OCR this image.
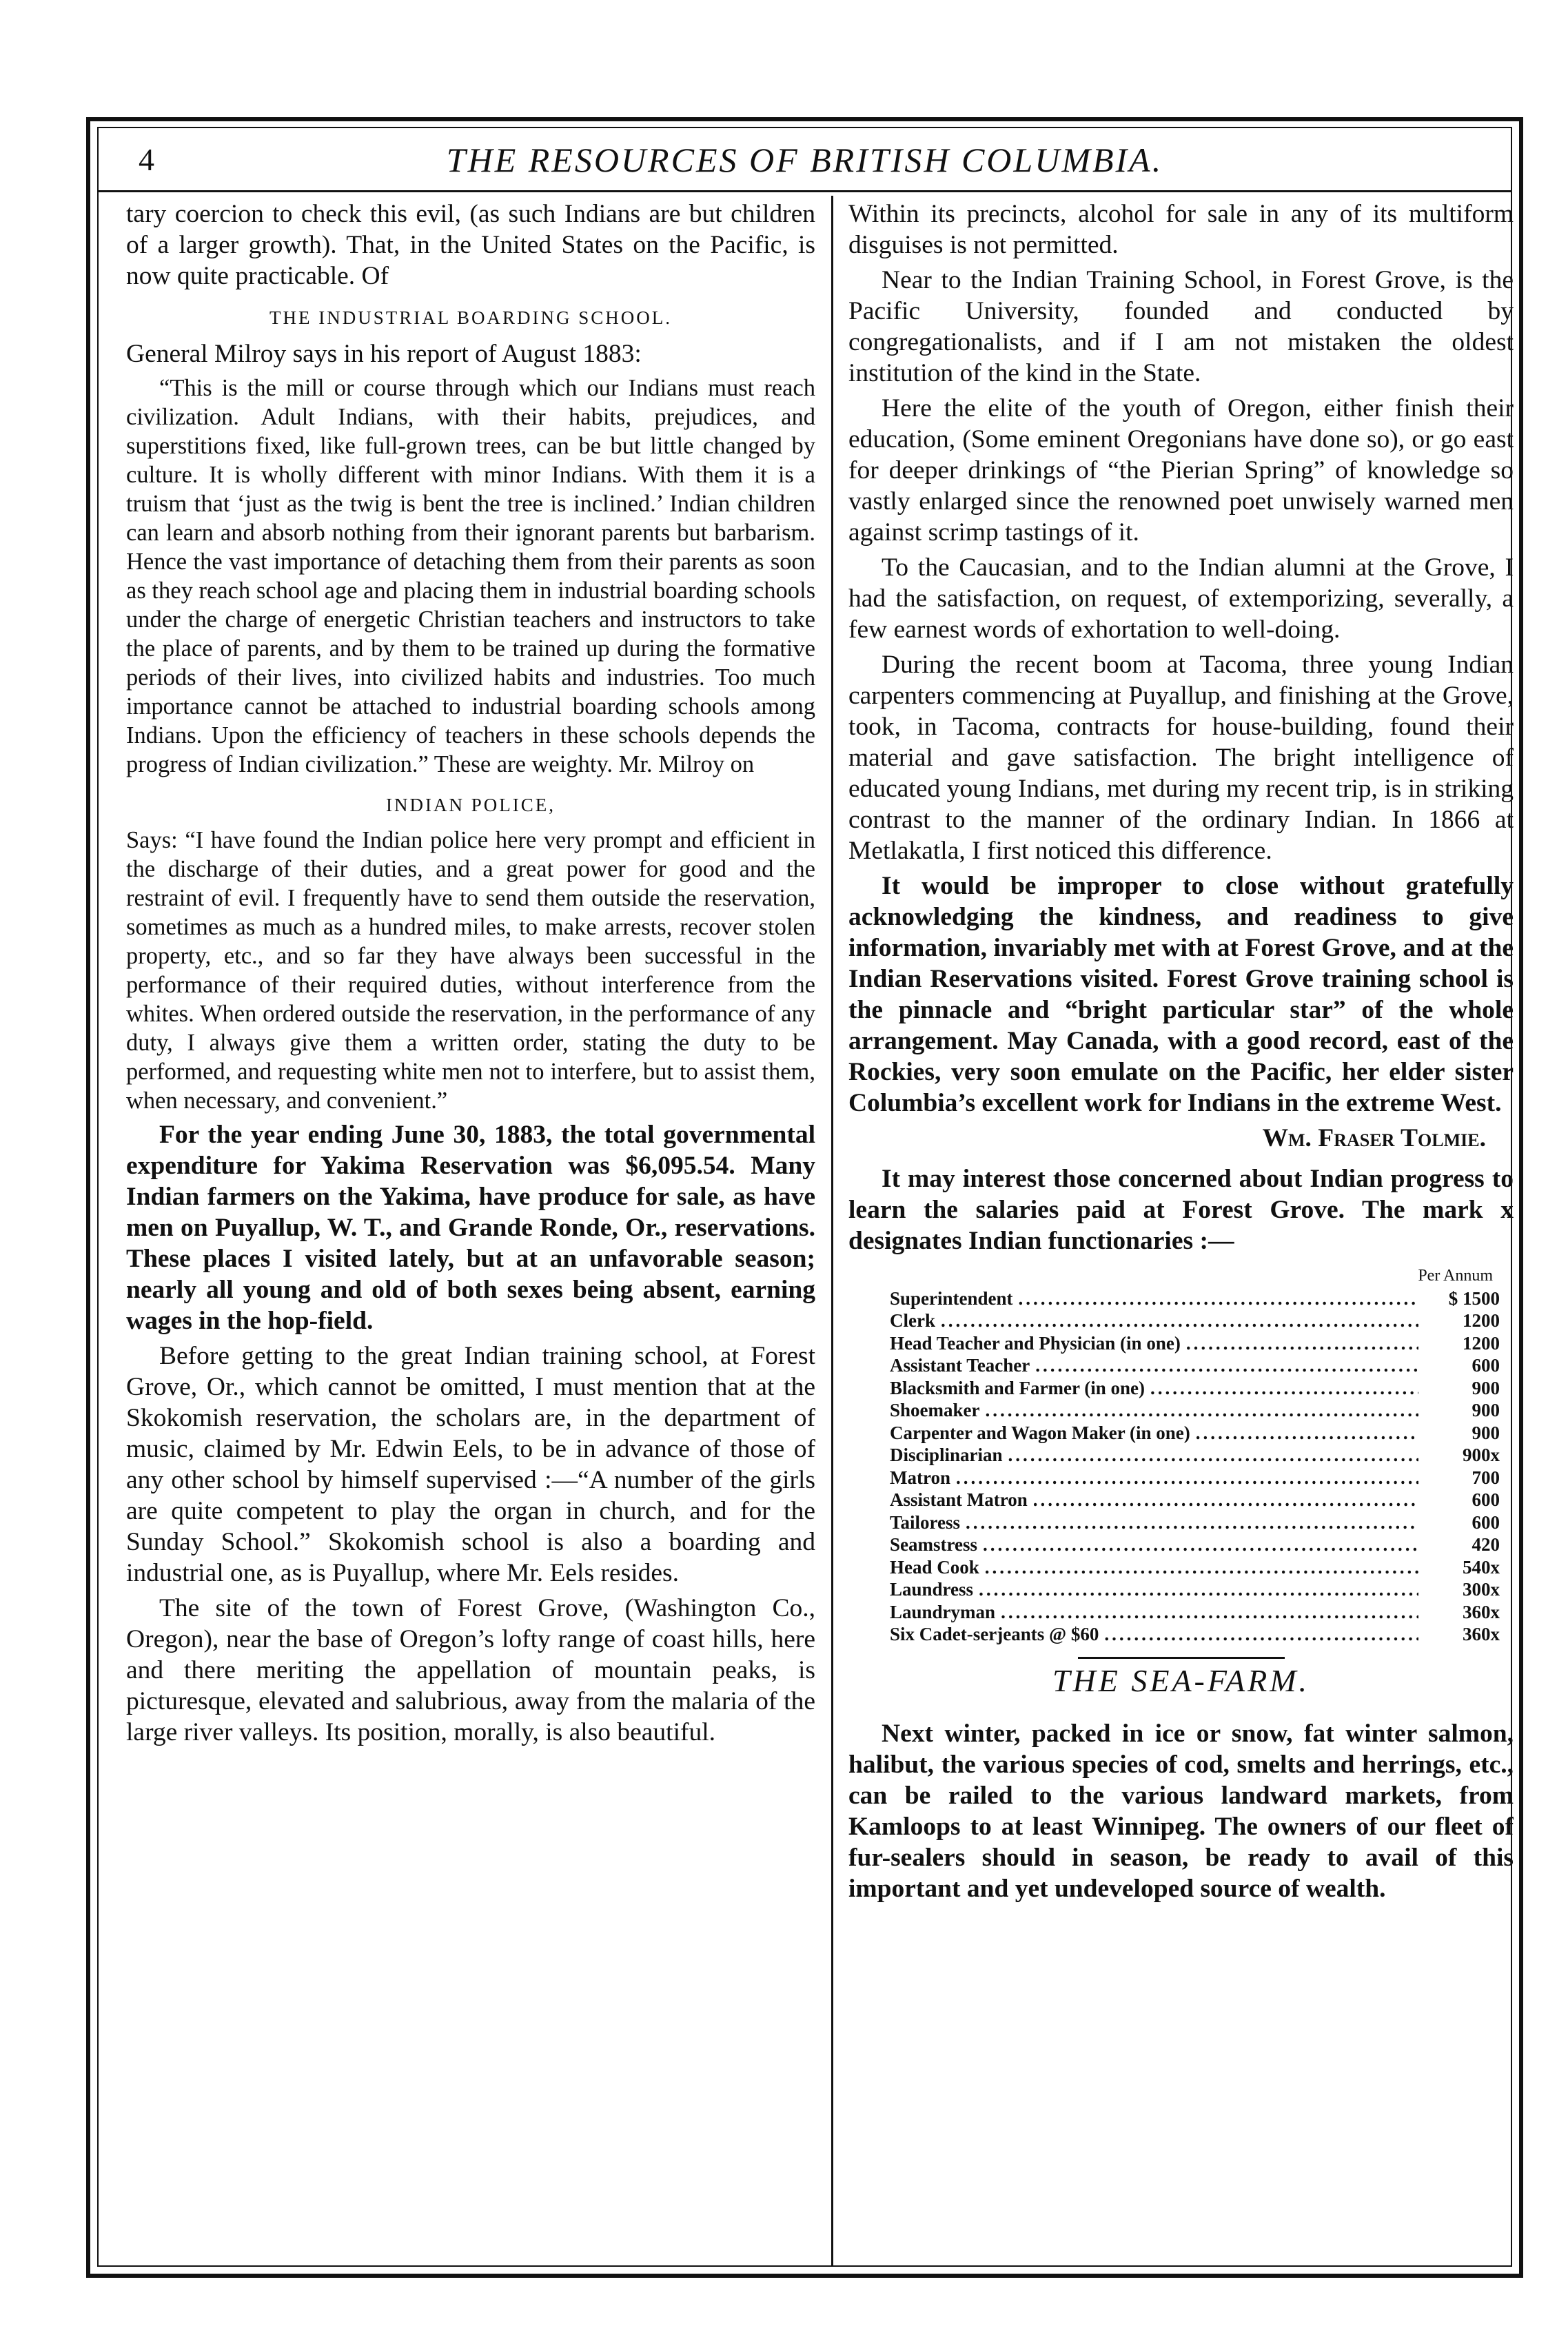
4	THE RESOURCES OF BRITISH COLUMBIA.

tary coercion to check this evil, (as such Indians are but children of a larger growth). That, in the United States on the Pacific, is now quite practicable. Of

THE INDUSTRIAL BOARDING SCHOOL.

General Milroy says in his report of August 1883:

“This is the mill or course through which our Indians must reach civilization. Adult Indians, with their habits, prejudices, and superstitions fixed, like full-grown trees, can be but little changed by culture. It is wholly different with minor Indians. With them it is a truism that ‘just as the twig is bent the tree is inclined.’ Indian children can learn and absorb nothing from their ignorant parents but barbarism. Hence the vast importance of detaching them from their parents as soon as they reach school age and placing them in industrial boarding schools under the charge of energetic Christian teachers and instructors to take the place of parents, and by them to be trained up during the formative periods of their lives, into civilized habits and industries. Too much importance cannot be attached to industrial boarding schools among Indians. Upon the efficiency of teachers in these schools depends the progress of Indian civilization.” These are weighty. Mr. Milroy on

INDIAN POLICE,

Says: “I have found the Indian police here very prompt and efficient in the discharge of their duties, and a great power for good and the restraint of evil. I frequently have to send them outside the reservation, sometimes as much as a hundred miles, to make arrests, recover stolen property, etc., and so far they have always been successful in the performance of their required duties, without interference from the whites. When ordered outside the reservation, in the performance of any duty, I always give them a written order, stating the duty to be performed, and requesting white men not to interfere, but to assist them, when necessary, and convenient.”

For the year ending June 30, 1883, the total governmental expenditure for Yakima Reservation was $6,095.54. Many Indian farmers on the Yakima, have produce for sale, as have men on Puyallup, W. T., and Grande Ronde, Or., reservations. These places I visited lately, but at an unfavorable season; nearly all young and old of both sexes being absent, earning wages in the hop-field.

Before getting to the great Indian training school, at Forest Grove, Or., which cannot be omitted, I must mention that at the Skokomish reservation, the scholars are, in the department of music, claimed by Mr. Edwin Eels, to be in advance of those of any other school by himself supervised :—“A number of the girls are quite competent to play the organ in church, and for the Sunday School.” Skokomish school is also a boarding and industrial one, as is Puyallup, where Mr. Eels resides.

The site of the town of Forest Grove, (Washington Co., Oregon), near the base of Oregon’s lofty range of coast hills, here and there meriting the appellation of mountain peaks, is picturesque, elevated and salubrious, away from the malaria of the large river valleys. Its position, morally, is also beautiful.

Within its precincts, alcohol for sale in any of its multiform disguises is not permitted.

Near to the Indian Training School, in Forest Grove, is the Pacific University, founded and conducted by congregationalists, and if I am not mistaken the oldest institution of the kind in the State.

Here the elite of the youth of Oregon, either finish their education, (Some eminent Oregonians have done so), or go east for deeper drinkings of “the Pierian Spring” of knowledge so vastly enlarged since the renowned poet unwisely warned men against scrimp tastings of it.

To the Caucasian, and to the Indian alumni at the Grove, I had the satisfaction, on request, of extemporizing, severally, a few earnest words of exhortation to well-doing.

During the recent boom at Tacoma, three young Indian carpenters commencing at Puyallup, and finishing at the Grove, took, in Tacoma, contracts for house-building, found their material and gave satisfaction. The bright intelligence of educated young Indians, met during my recent trip, is in striking contrast to the manner of the ordinary Indian. In 1866 at Metlakatla, I first noticed this difference.

It would be improper to close without gratefully acknowledging the kindness, and readiness to give information, invariably met with at Forest Grove, and at the Indian Reservations visited. Forest Grove training school is the pinnacle and “bright particular star” of the whole arrangement. May Canada, with a good record, east of the Rockies, very soon emulate on the Pacific, her elder sister Columbia’s excellent work for Indians in the extreme West.

Wm. Fraser Tolmie.

It may interest those concerned about Indian progress to learn the salaries paid at Forest Grove. The mark x designates Indian functionaries :—

Per Annum
Superintendent .....	$ 1500
Clerk .....	1200
Head Teacher and Physician (in one) .....	1200
Assistant Teacher .....	600
Blacksmith and Farmer (in one) .....	900
Shoemaker .....	900
Carpenter and Wagon Maker (in one) .....	900
Disciplinarian .....	900x
Matron .....	700
Assistant Matron .....	600
Tailoress .....	600
Seamstress .....	420
Head Cook .....	540x
Laundress .....	300x
Laundryman .....	360x
Six Cadet-serjeants @ $60 .....	360x
THE SEA-FARM.

Next winter, packed in ice or snow, fat winter salmon, halibut, the various species of cod, smelts and herrings, etc., can be railed to the various landward markets, from Kamloops to at least Winnipeg. The owners of our fleet of fur-sealers should in season, be ready to avail of this important and yet undeveloped source of wealth.
